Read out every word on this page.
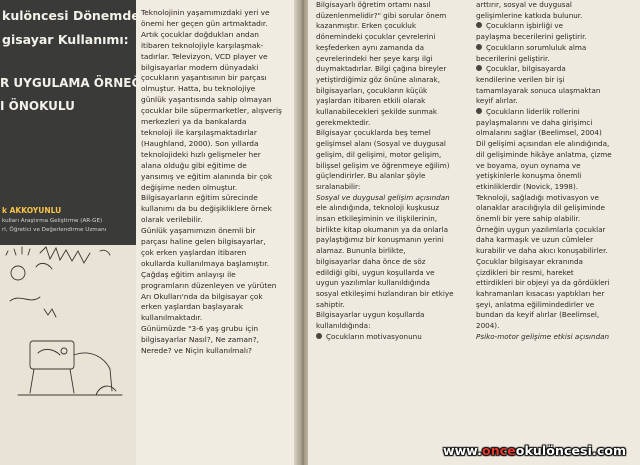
kulöncesi Dönemde
gisayar Kullanımı:
R UYGULAMA ÖRNEĞİ;
I ÖNOKULU
k AKKOYUNLU
kulları Araştırma Geliştirme (AR-GE)
rl, Öğretici ve Değerlendirme Uzmanı
Teknolojinin yaşamımızdaki yeri ve
önemi her geçen gün artmaktadır.
Artık çocuklar doğdukları andan
itibaren teknolojiyle karşılaşmak-
tadırlar. Televizyon, VCD player ve
bilgisayarlar modern dünyadaki
çocukların yaşantısının bir parçası
olmuştur. Hatta, bu teknolojiye
günlük yaşantısında sahip olmayan
çocuklar bile süpermarketler, alışveriş
merkezleri ya da bankalarda
teknoloji ile karşılaşmaktadırlar
(Haughland, 2000). Son yıllarda
teknolojideki hızlı gelişmeler her
alana olduğu gibi eğitime de
yansımış ve eğitim alanında bir çok
değişime neden olmuştur.
Bilgisayarların eğitim sürecinde
kullanımı da bu değişikliklere örnek
olarak verilebilir.
Günlük yaşamımızın önemli bir
parçası haline gelen bilgisayarlar,
çok erken yaşlardan itibaren
okullarda kullanılmaya başlamıştır.
Çağdaş eğitim anlayışı ile
programların düzenleyen ve yürüten
Arı Okulları'nda da bilgisayar çok
erken yaşlardan başlayarak
kullanılmaktadır.
Günümüzde "3-6 yaş grubu için
bilgisayarlar Nasıl?, Ne zaman?,
Nerede? ve Niçin kullanılmalı?
Bilgisayarlı öğretim ortamı nasıl
düzenlenmelidir?" gibi sorular önem
kazanmıştır. Erken çocukluk
dönemindeki çocuklar çevrelerini
keşfederken aynı zamanda da
çevrelerindeki her şeye karşı ilgi
duymaktadırlar. Bilgi çağına bireyler
yetiştirdiğimiz göz önüne alınarak,
bilgisayarları, çocukların küçük
yaşlardan itibaren etkili olarak
kullanabilecekleri şekilde sunmak
gerekmektedir.
Bilgisayar çocuklarda beş temel
gelişimsel alanı (Sosyal ve duygusal
gelişim, dil gelişimi, motor gelişim,
bilişsel gelişim ve öğrenmeye eğilim)
güçlendirirler. Bu alanlar şöyle
sıralanabilir:
Sosyal ve duygusal gelişim açısından
ele alındığında, teknoloji kuşkusuz
insan etkileşiminin ve ilişkilerinin,
birlikte kitap okumanın ya da onlarla
paylaştığımız bir konuşmanın yerini
alamaz. Bununla birlikte,
bilgisayarlar daha önce de söz
edildiği gibi, uygun koşullarda ve
uygun yazılımlar kullanıldığında
sosyal etkileşimi hızlandıran bir etkiye
sahiptir.
Bilgisayarlar uygun koşullarda
kullanıldığında:
Çocukların motivasyonunu
arttırır, sosyal ve duygusal
gelişimlerine katkıda bulunur.
Çocukların işbirliği ve
paylaşma becerilerini geliştirir.
Çocukların sorumluluk alma
becerilerini geliştirir.
Çocuklar, bilgisayarda
kendilerine verilen bir işi
tamamlayarak sonuca ulaşmaktan
keyif alırlar.
Çocukların liderlik rollerini
paylaşmalarını ve daha girişimci
olmalarını sağlar (Beelimsel, 2004)
Dil gelişimi açısından ele alındığında,
dil gelişiminde hikâye anlatma, çizme
ve boyama, oyun oynama ve
yetişkinlerle konuşma önemli
etkinliklerdir (Novick, 1998).
Teknoloji, sağladığı motivasyon ve
olanaklar aracılığıyla dil gelişiminde
önemli bir yere sahip olabilir.
Örneğin uygun yazılımlarla çocuklar
daha karmaşık ve uzun cümleler
kurabilir ve daha akıcı konuşabilirler.
Çocuklar bilgisayar ekranında
çizdikleri bir resmi, hareket
ettirdikleri bir objeyi ya da gördükleri
kahramanları kısacası yaptıkları her
şeyi, anlatma eğilimindedirler ve
bundan da keyif alırlar (Beelimsel,
2004).
Psiko-motor gelişime etkisi açısından
www.onceokulöncesi.com
